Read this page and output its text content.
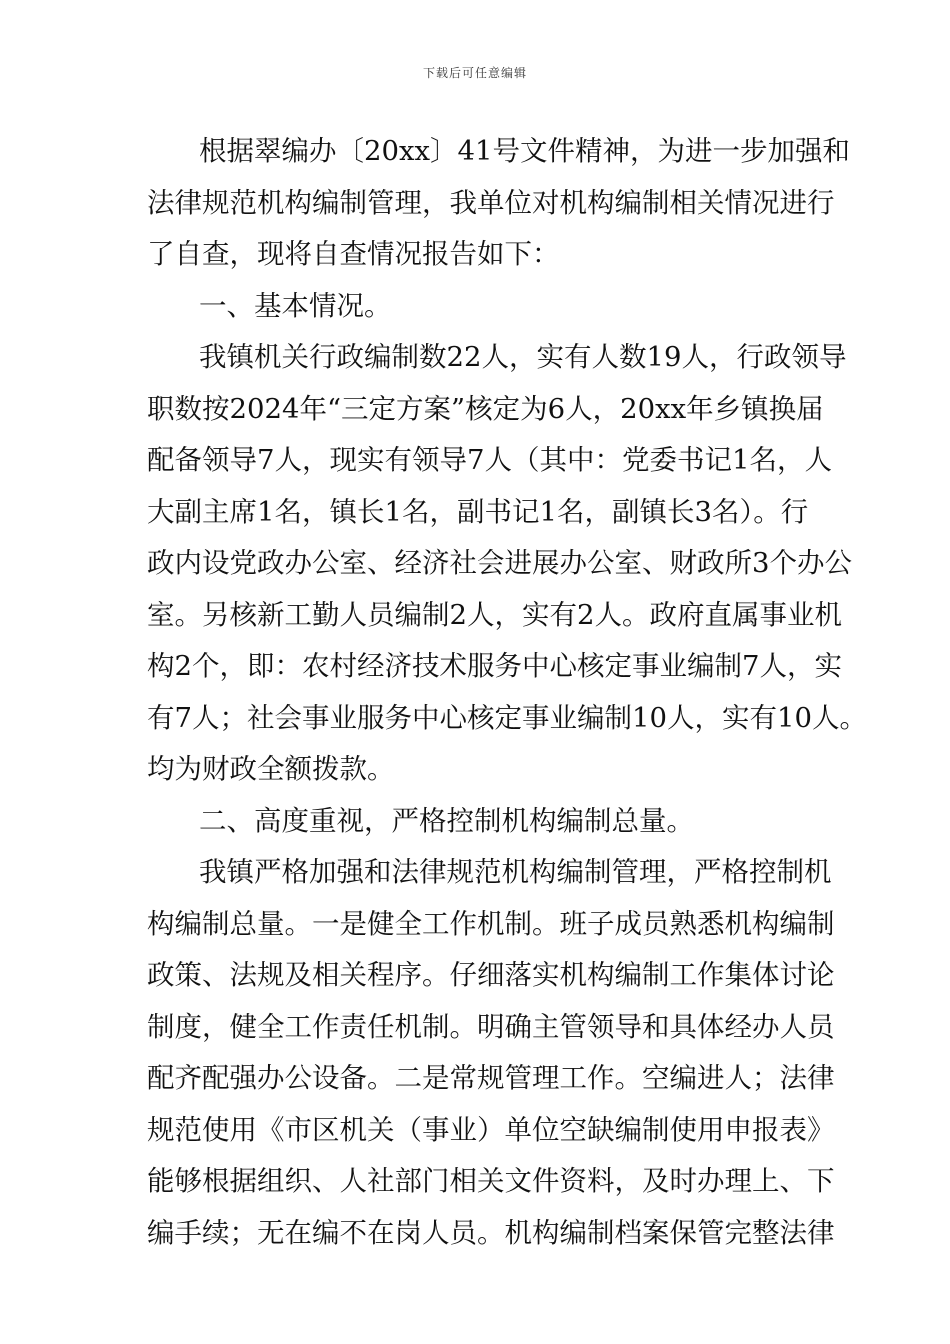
下载后可任意编辑
根据翠编办〔20xx〕41号文件精神，为进一步加强和
法律规范机构编制管理，我单位对机构编制相关情况进行
了自查，现将自查情况报告如下：
一、基本情况。
我镇机关行政编制数22人，实有人数19人，行政领导
职数按2024年“三定方案”核定为6人，20xx年乡镇换届
配备领导7人，现实有领导7人（其中：党委书记1名，人
大副主席1名，镇长1名，副书记1名，副镇长3名）。行
政内设党政办公室、经济社会进展办公室、财政所3个办公
室。另核新工勤人员编制2人，实有2人。政府直属事业机
构2个，即：农村经济技术服务中心核定事业编制7人，实
有7人；社会事业服务中心核定事业编制10人，实有10人。
均为财政全额拨款。
二、高度重视，严格控制机构编制总量。
我镇严格加强和法律规范机构编制管理，严格控制机
构编制总量。一是健全工作机制。班子成员熟悉机构编制
政策、法规及相关程序。仔细落实机构编制工作集体讨论
制度，健全工作责任机制。明确主管领导和具体经办人员
配齐配强办公设备。二是常规管理工作。空编进人；法律
规范使用《市区机关（事业）单位空缺编制使用申报表》
能够根据组织、人社部门相关文件资料，及时办理上、下
编手续；无在编不在岗人员。机构编制档案保管完整法律
